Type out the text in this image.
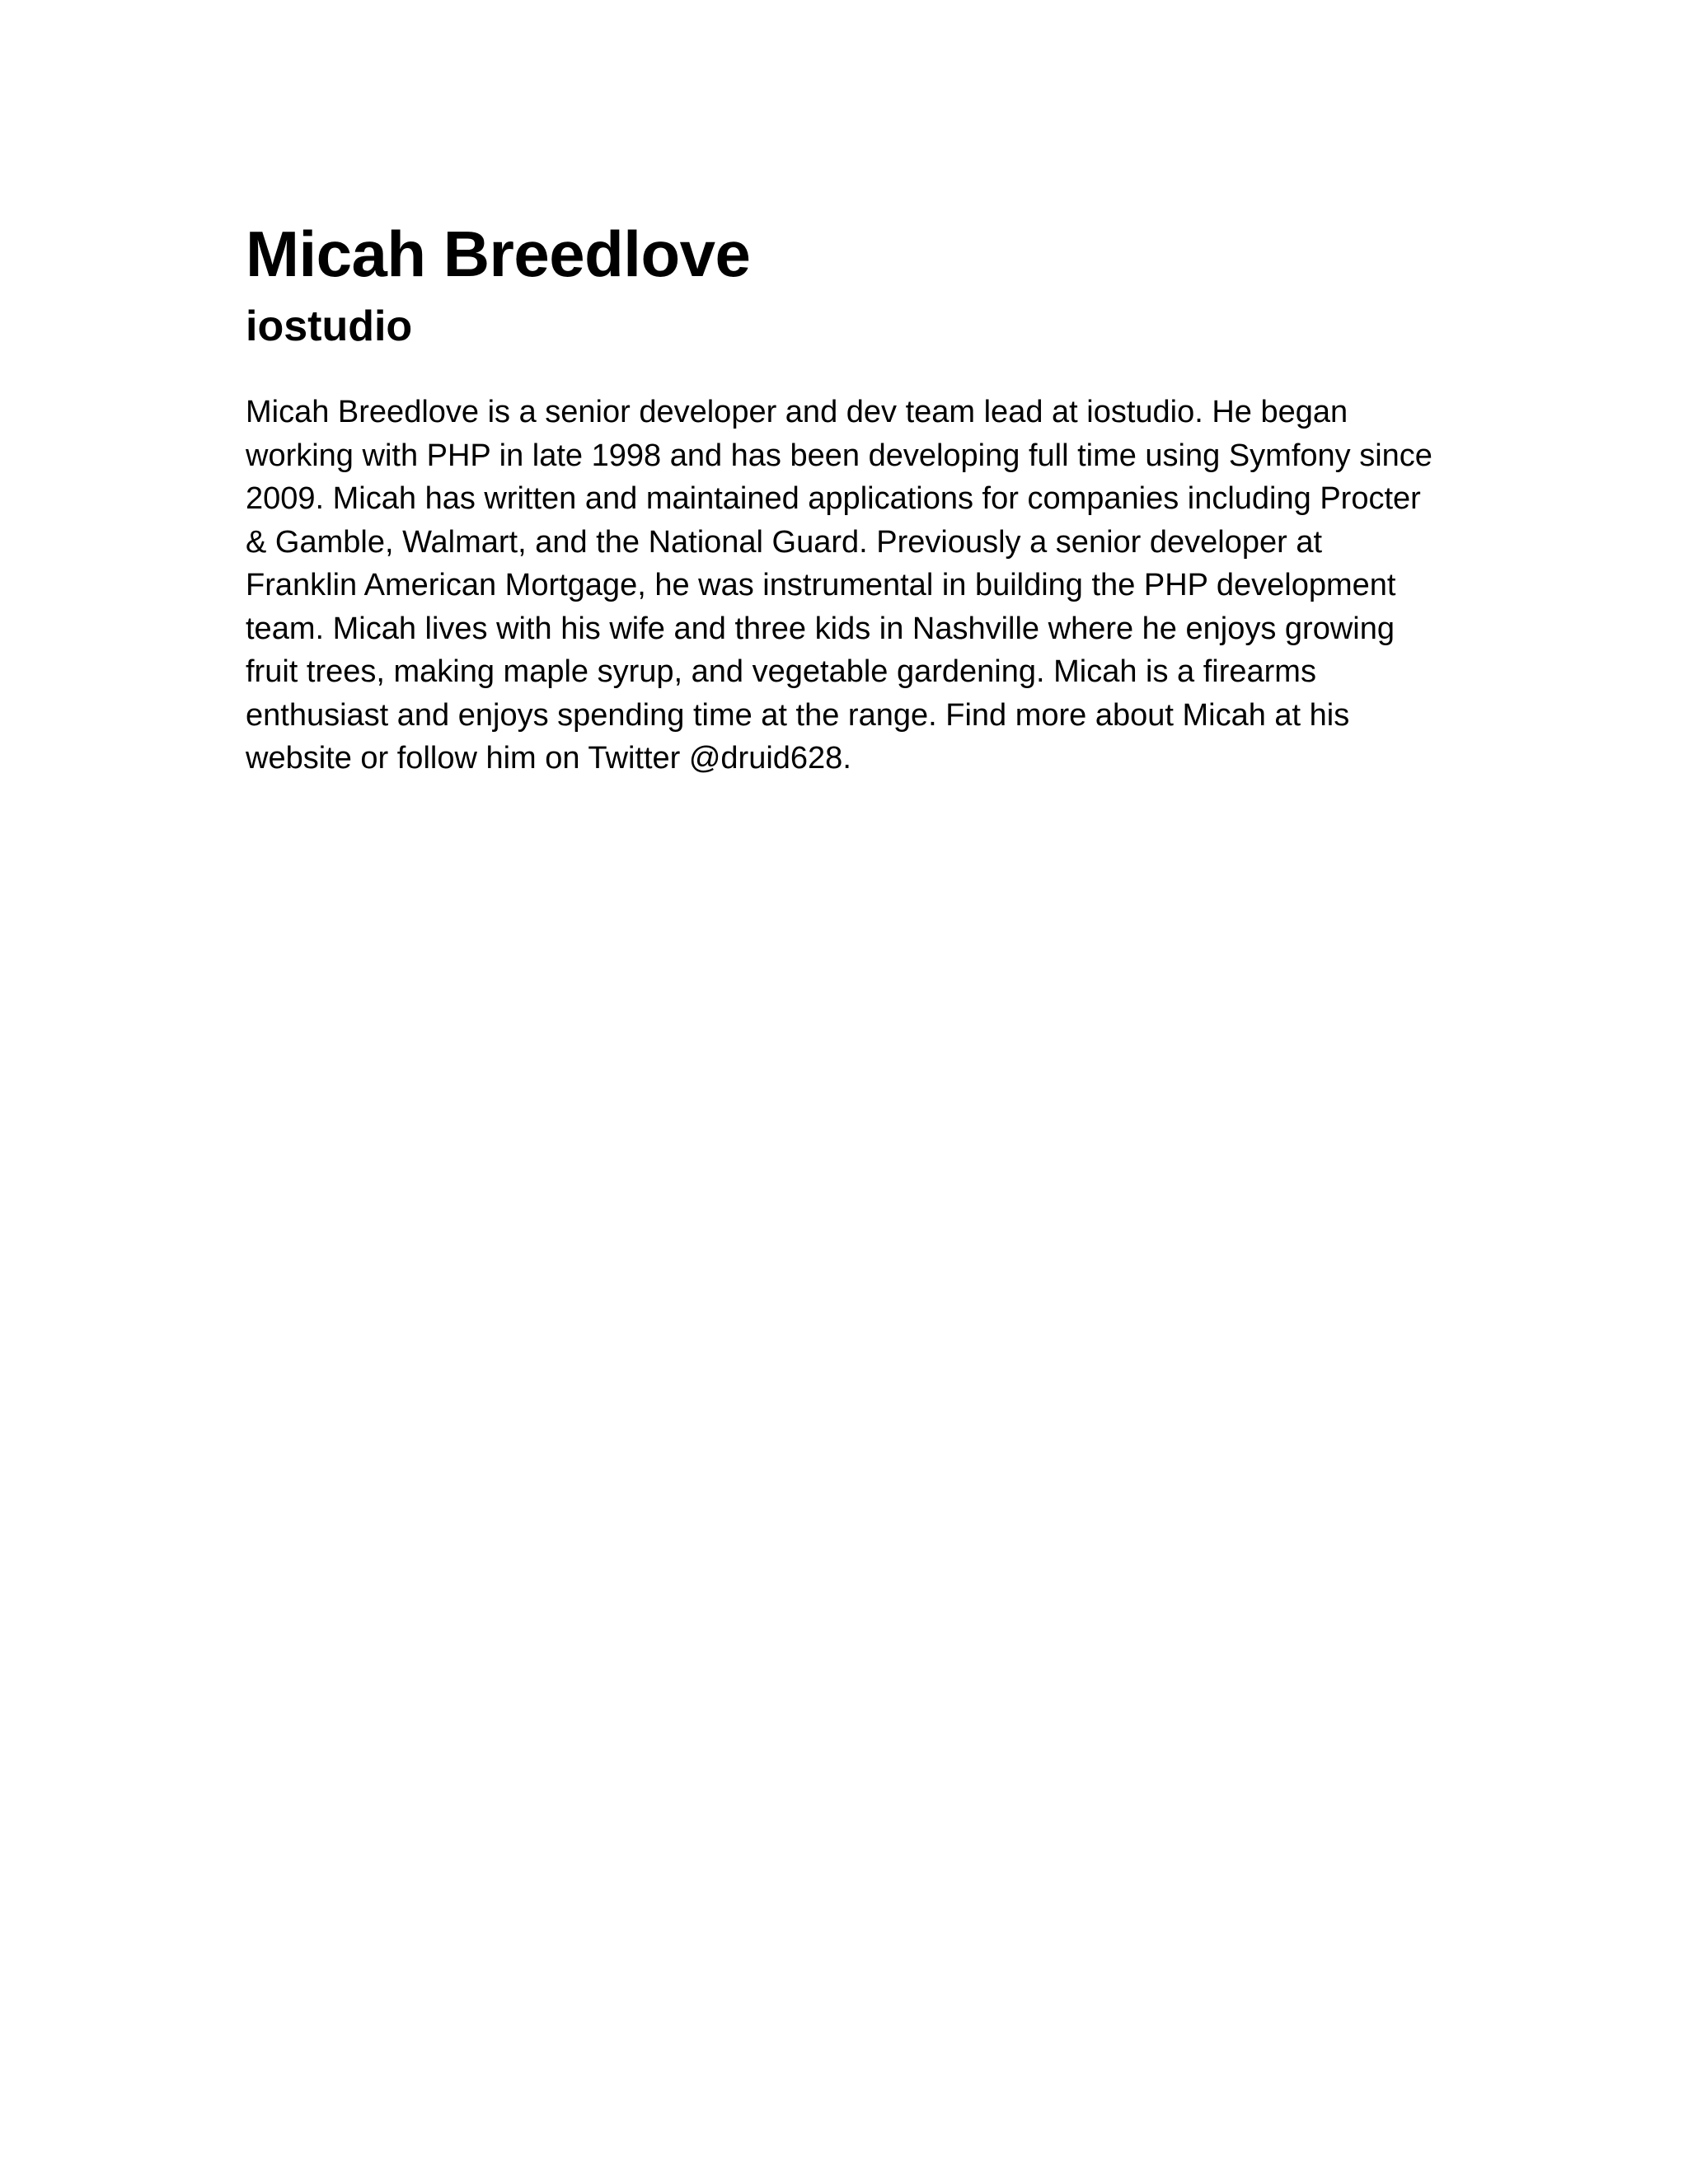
Micah Breedlove
iostudio

Micah Breedlove is a senior developer and dev team lead at iostudio. He began working with PHP in late 1998 and has been developing full time using Symfony since 2009. Micah has written and maintained applications for companies including Procter & Gamble, Walmart, and the National Guard. Previously a senior developer at Franklin American Mortgage, he was instrumental in building the PHP development team. Micah lives with his wife and three kids in Nashville where he enjoys growing fruit trees, making maple syrup, and vegetable gardening. Micah is a firearms enthusiast and enjoys spending time at the range. Find more about Micah at his website or follow him on Twitter @druid628.
